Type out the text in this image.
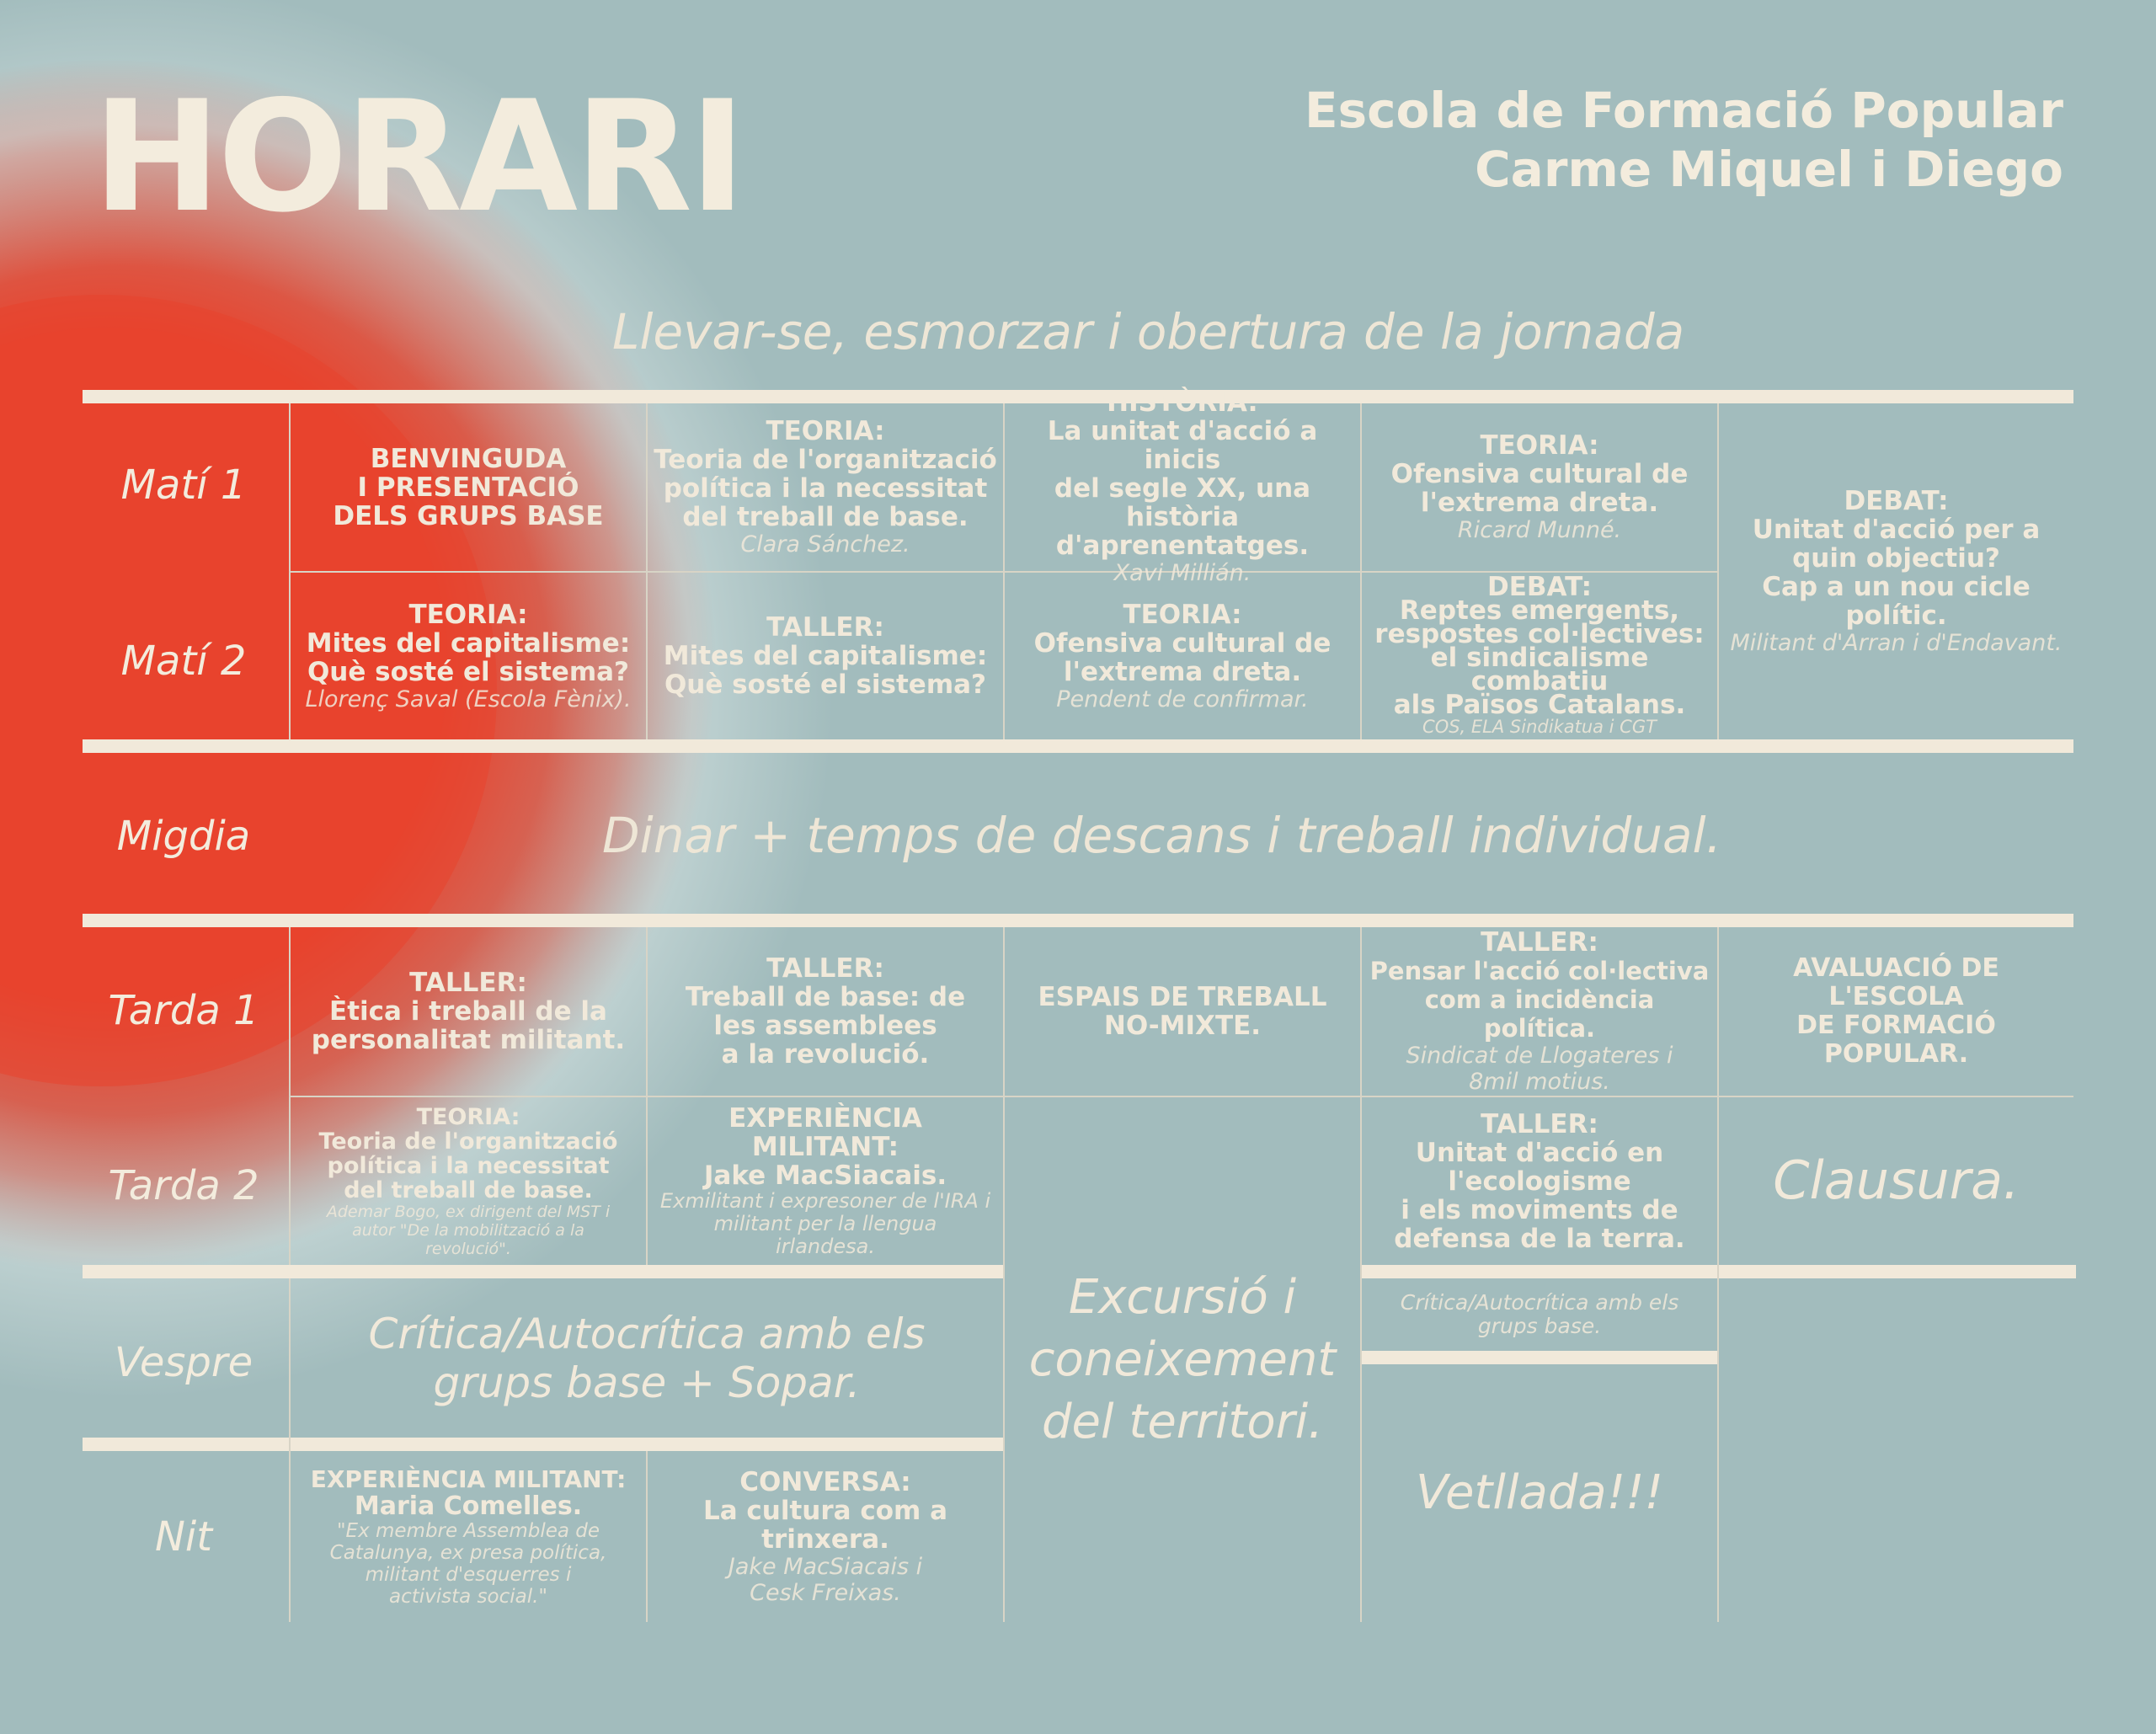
HORARI	Escola de Formació Popular
Carme Miquel i Diego
Llevar-se, esmorzar i obertura de la jornada
Matí 1
Matí 2
Migdia
Tarda 1
Tarda 2
Vespre
Nit
BENVINGUDA
I PRESENTACIÓ
DELS GRUPS BASE
TEORIA:
Teoria de l'organització
política i la necessitat
del treball de base.
Clara Sánchez.
HISTÒRIA:
La unitat d'acció a inicis
del segle XX, una història
d'aprenentatges.
Xavi Millián.
TEORIA:
Ofensiva cultural de
l'extrema dreta.
Ricard Munné.
DEBAT:
Unitat d'acció per a
quin objectiu?
Cap a un nou cicle polític.
Militant d'Arran i d'Endavant.
TEORIA:
Mites del capitalisme:
Què sosté el sistema?
Llorenç Saval (Escola Fènix).
TALLER:
Mites del capitalisme:
Què sosté el sistema?
TEORIA:
Ofensiva cultural de
l'extrema dreta.
Pendent de confirmar.
DEBAT:
Reptes emergents,
respostes col·lectives:
el sindicalisme combatiu
als Països Catalans.
COS, ELA Sindikatua i CGT
Dinar + temps de descans i treball individual.
TALLER:
Ètica i treball de la
personalitat militant.
TALLER:
Treball de base: de
les assemblees
a la revolució.
ESPAIS DE TREBALL
NO-MIXTE.
TALLER:
Pensar l'acció col·lectiva
com a incidència política.
Sindicat de Llogateres i
8mil motius.
AVALUACIÓ DE L'ESCOLA
DE FORMACIÓ POPULAR.
TEORIA:
Teoria de l'organització
política i la necessitat
del treball de base.
Ademar Bogo, ex dirigent del MST i
autor "De la mobilització a la
revolució".
EXPERIÈNCIA MILITANT:
Jake MacSiacais.
Exmilitant i expresoner de l'IRA i
militant per la llengua
irlandesa.
TALLER:
Unitat d'acció en
l'ecologisme
i els moviments de
defensa de la terra.
Clausura.
Excursió i
coneixement
del territori.
Crítica/Autocrítica amb els
grups base + Sopar.
Crítica/Autocrítica amb els
grups base.
EXPERIÈNCIA MILITANT:
Maria Comelles.
"Ex membre Assemblea de
Catalunya, ex presa política,
militant d'esquerres i
activista social."
CONVERSA:
La cultura com a trinxera.
Jake MacSiacais i
Cesk Freixas.
Vetllada!!!
